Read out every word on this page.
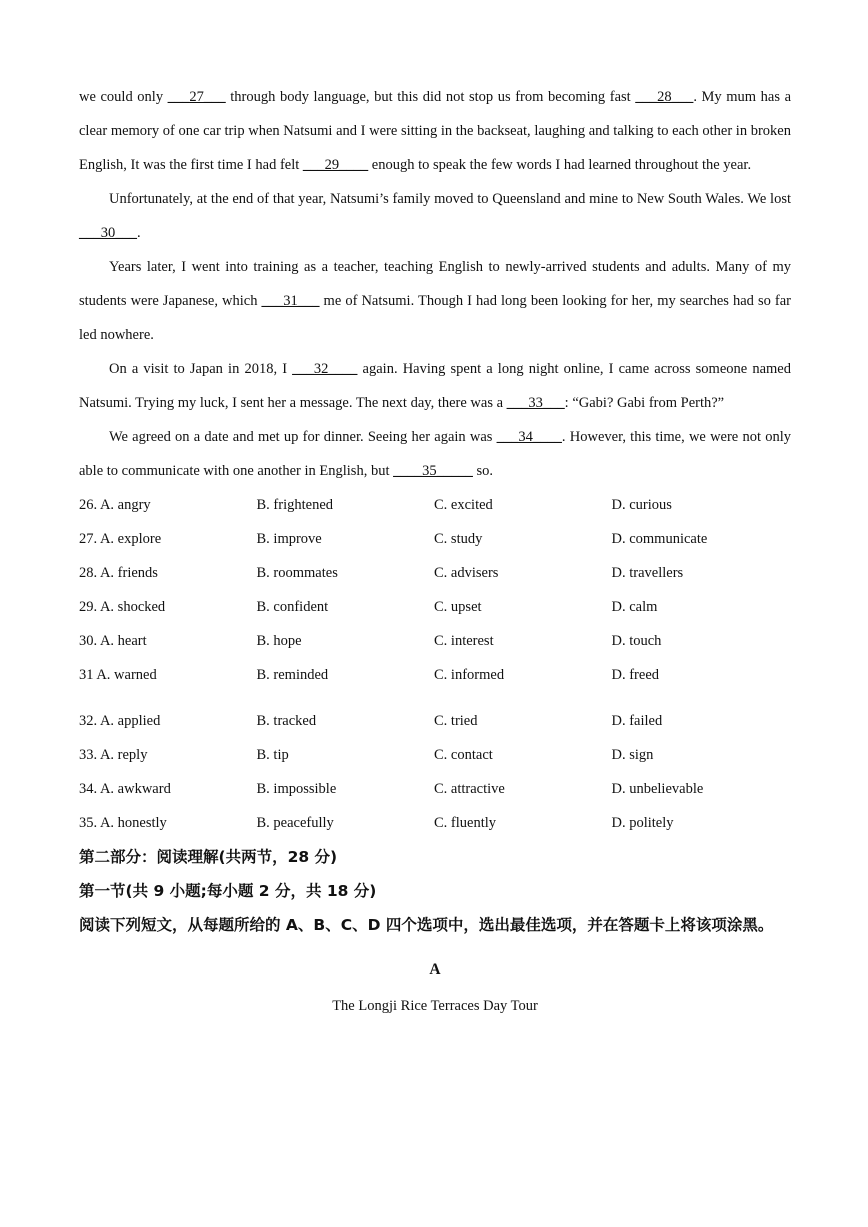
we could only ___27___ through body language, but this did not stop us from becoming fast ___28___. My mum has a clear memory of one car trip when Natsumi and I were sitting in the backseat, laughing and talking to each other in broken English, It was the first time I had felt ___29____ enough to speak the few words I had learned throughout the year.

Unfortunately, at the end of that year, Natsumi’s family moved to Queensland and mine to New South Wales. We lost ___30___.

Years later, I went into training as a teacher, teaching English to newly-arrived students and adults. Many of my students were Japanese, which ___31___ me of Natsumi. Though I had long been looking for her, my searches had so far led nowhere.

On a visit to Japan in 2018, I ___32____ again. Having spent a long night online, I came across someone named Natsumi. Trying my luck, I sent her a message. The next day, there was a ___33___: “Gabi? Gabi from Perth?”

We agreed on a date and met up for dinner. Seeing her again was ___34____. However, this time, we were not only able to communicate with one another in English, but ____35_____ so.

26. A. angry	B. frightened	C. excited	D. curious
27. A. explore	B. improve	C. study	D. communicate
28. A. friends	B. roommates	C. advisers	D. travellers
29. A. shocked	B. confident	C. upset	D. calm
30. A. heart	B. hope	C. interest	D. touch
31 A. warned	B. reminded	C. informed	D. freed
32. A. applied	B. tracked	C. tried	D. failed
33. A. reply	B. tip	C. contact	D. sign
34. A. awkward	B. impossible	C. attractive	D. unbelievable
35. A. honestly	B. peacefully	C. fluently	D. politely

第二部分：阅读理解(共两节，28 分)

第一节(共 9 小题;每小题 2 分，共 18 分)

阅读下列短文，从每题所给的 A、B、C、D 四个选项中，选出最佳选项，并在答题卡上将该项涂黑。

A

The Longji Rice Terraces Day Tour
